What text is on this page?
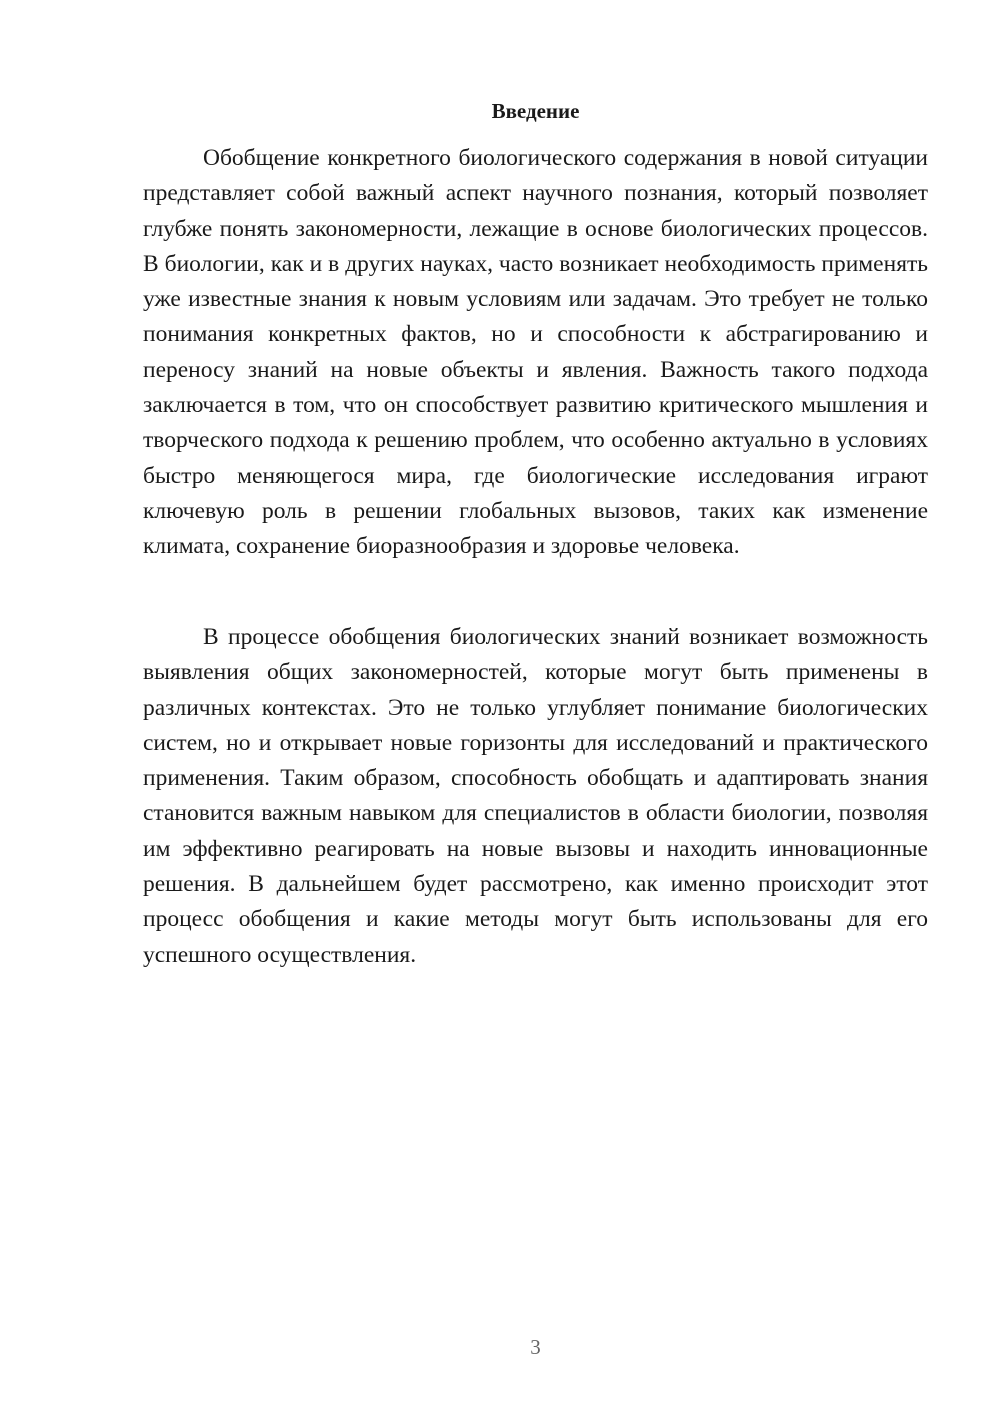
Введение

Обобщение конкретного биологического содержания в новой ситуации представляет собой важный аспект научного познания, который позволяет глубже понять закономерности, лежащие в основе биологических процессов. В биологии, как и в других науках, часто возникает необходимость применять уже известные знания к новым условиям или задачам. Это требует не только понимания конкретных фактов, но и способности к абстрагированию и переносу знаний на новые объекты и явления. Важность такого подхода заключается в том, что он способствует развитию критического мышления и творческого подхода к решению проблем, что особенно актуально в условиях быстро меняющегося мира, где биологические исследования играют ключевую роль в решении глобальных вызовов, таких как изменение климата, сохранение биоразнообразия и здоровье человека.

В процессе обобщения биологических знаний возникает возможность выявления общих закономерностей, которые могут быть применены в различных контекстах. Это не только углубляет понимание биологических систем, но и открывает новые горизонты для исследований и практического применения. Таким образом, способность обобщать и адаптировать знания становится важным навыком для специалистов в области биологии, позволяя им эффективно реагировать на новые вызовы и находить инновационные решения. В дальнейшем будет рассмотрено, как именно происходит этот процесс обобщения и какие методы могут быть использованы для его успешного осуществления.

3
